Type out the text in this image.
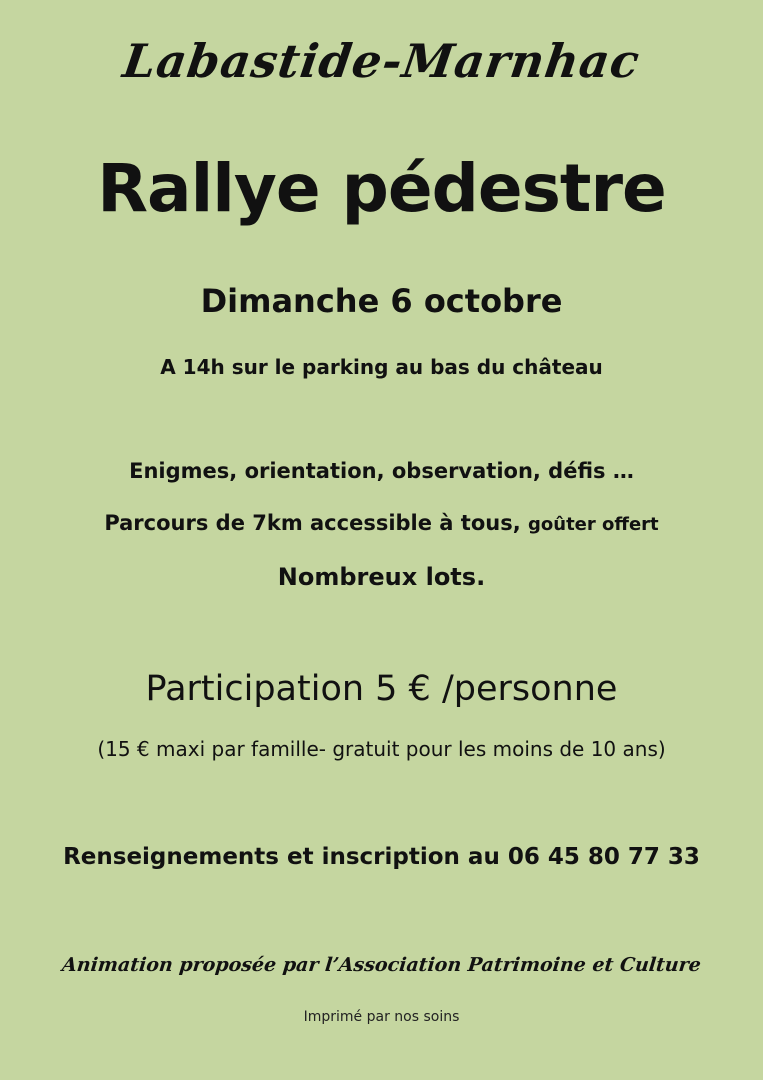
Labastide-Marnhac
Rallye pédestre
Dimanche 6 octobre
A 14h sur le parking au bas du château
Enigmes, orientation, observation, défis …
Parcours de 7km accessible à tous, goûter offert
Nombreux lots.
Participation 5 € /personne
(15 € maxi par famille- gratuit pour les moins de 10 ans)
Renseignements et inscription au 06 45 80 77 33
Animation proposée par l’Association Patrimoine et Culture
Imprimé par nos soins
